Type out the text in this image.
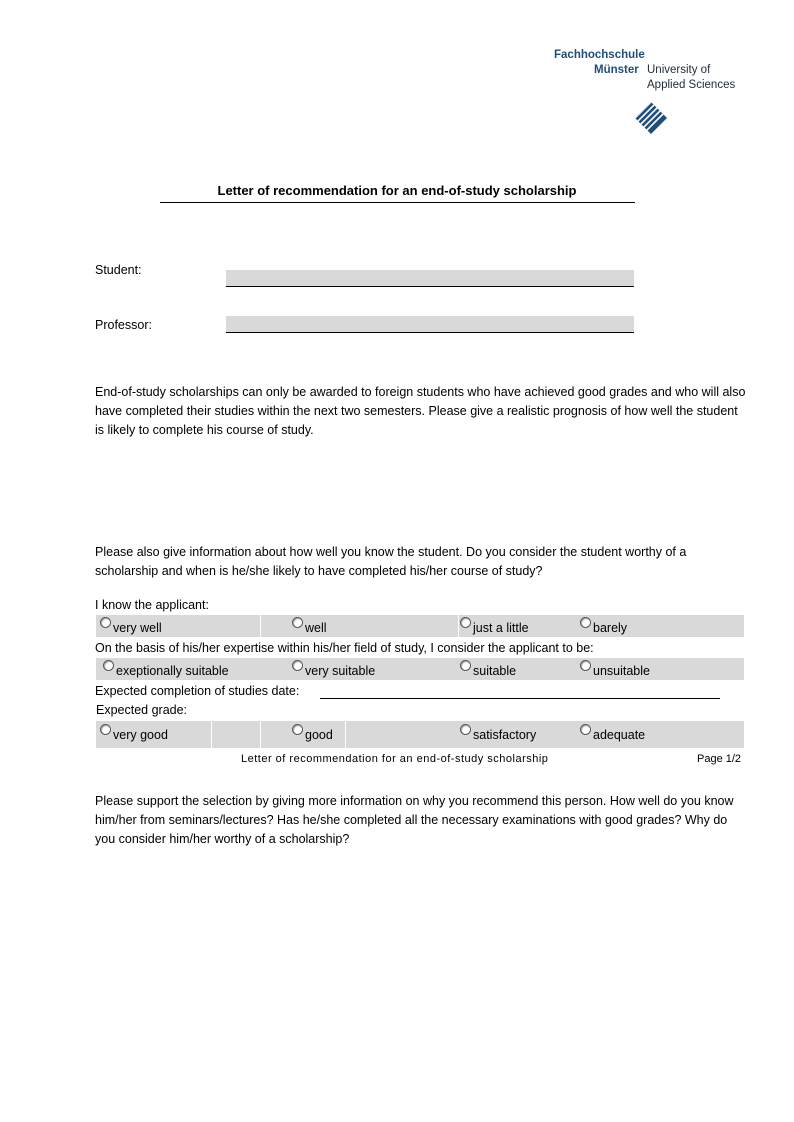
Fachhochschule
Münster University of
Applied Sciences
Letter of recommendation for an end-of-study scholarship
Student:
Professor:
End-of-study scholarships can only be awarded to foreign students who have achieved good grades and who will also have completed their studies within the next two semesters. Please give a realistic prognosis of how well the student is likely to complete his course of study.
Please also give information about how well you know the student. Do you consider the student worthy of a scholarship and when is he/she likely to have completed his/her course of study?
I know the applicant:
very well	well	just a little	barely
On the basis of his/her expertise within his/her field of study, I consider the applicant to be:
exeptionally suitable	very suitable	suitable	unsuitable
Expected completion of studies date:
Expected grade:
very good	good	satisfactory	adequate
Letter of recommendation for an end-of-study scholarship	Page 1/2
Please support the selection by giving more information on why you recommend this person. How well do you know him/her from seminars/lectures? Has he/she completed all the necessary examinations with good grades? Why do you consider him/her worthy of a scholarship?
